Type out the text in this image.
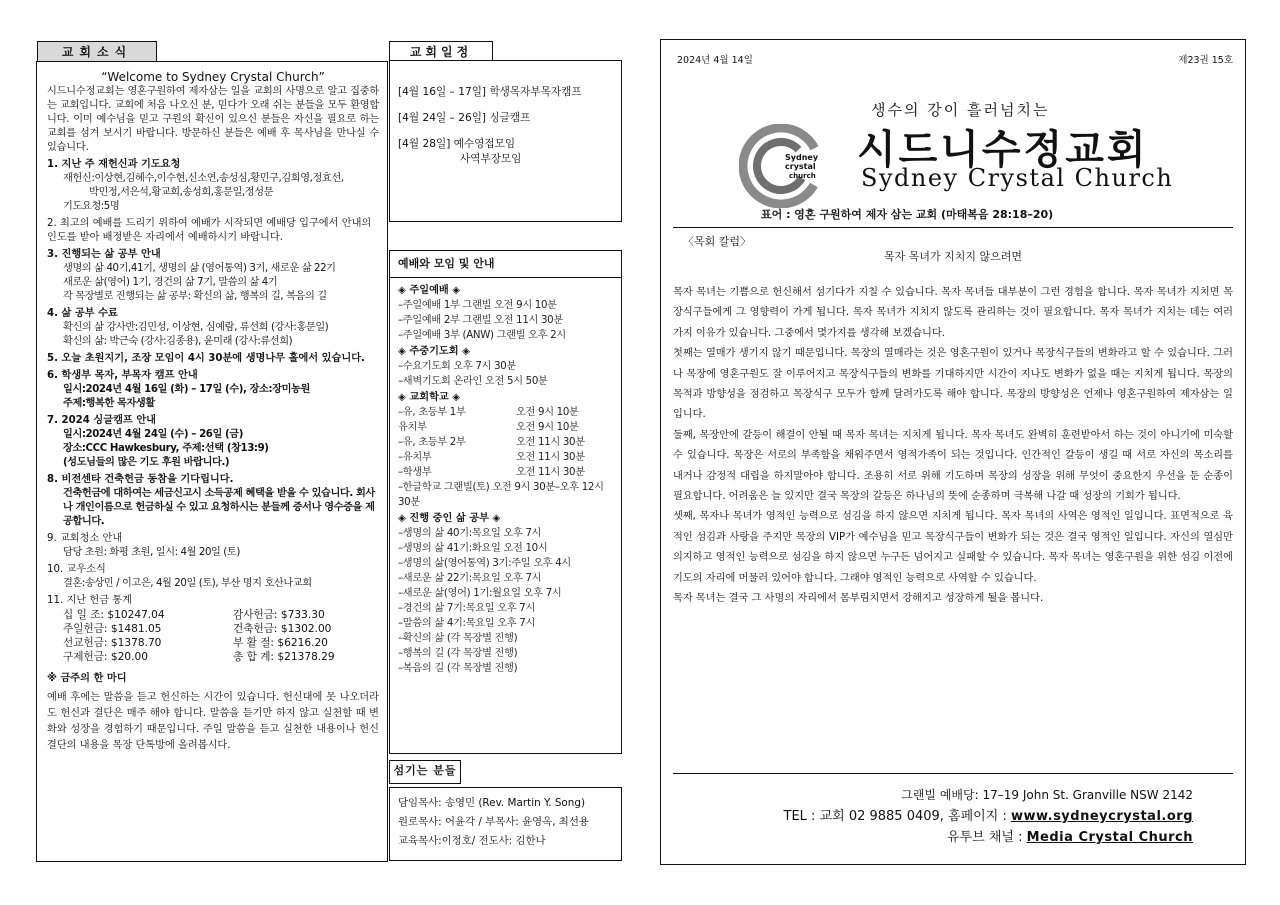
교회소식
“Welcome to Sydney Crystal Church”
시드니수정교회는 영혼구원하여 제자삼는 일을 교회의 사명으로 알고 집중하는 교회입니다. 교회에 처음 나오신 분, 믿다가 오래 쉬는 분들을 모두 환영합니다. 이미 예수님을 믿고 구원의 확신이 있으신 분들은 자신을 필요로 하는 교회를 섬겨 보시기 바랍니다. 방문하신 분들은 예배 후 목사님을 만나실 수 있습니다.
1. 지난 주 재헌신과 기도요청
재헌신:이상현,김혜수,이수현,신소연,송성심,황민구,김희영,정효선,
박민정,서은석,황교희,송성희,홍문일,정성문
기도요청:5명
2. 최고의 예배를 드리기 위하여 예배가 시작되면 예배당 입구에서 안내의 인도를 받아 배정받은 자리에서 예배하시기 바랍니다.
3. 진행되는 삶 공부 안내
생명의 삶 40기,41기, 생명의 삶 (영어통역) 3기, 새로운 삶 22기
새로운 삶(영어) 1기, 경건의 삶 7기, 말씀의 삶 4기
각 목장별로 진행되는 삶 공부: 확신의 삶, 행복의 길, 복음의 길
4. 삶 공부 수료
확신의 삶 강사반:김민성, 이상현, 심예람, 류선희 (강사:홍문일)
확신의 삶: 박근숙 (강사:김종용), 윤미래 (강사:류선희)
5. 오늘 초원지기, 조장 모임이 4시 30분에 생명나무 홀에서 있습니다.
6. 학생부 목자, 부목자 캠프 안내
일시:2024년 4월 16일 (화) – 17일 (수), 장소:장미농원
주제:행복한 목자생활
7. 2024 싱글캠프 안내
일시:2024년 4월 24일 (수) – 26일 (금)
장소:CCC Hawkesbury, 주제:선택 (창13:9)
(성도님들의 많은 기도 후원 바랍니다.)
8. 비전센타 건축헌금 동참을 기다립니다.
건축헌금에 대하여는 세금신고시 소득공제 혜택을 받을 수 있습니다. 회사나 개인이름으로 헌금하실 수 있고 요청하시는 분들께 증서나 영수증을 제공합니다.
9. 교회청소 안내
담당 초원: 화평 초원, 일시: 4월 20일 (토)
10. 교우소식
결혼:송상민 / 이고은, 4월 20일 (토), 부산 명지 호산나교회
11. 지난 헌금 통계
십 일 조: $10247.04	감사헌금: $733.30
주일헌금: $1481.05	건축헌금: $1302.00
선교헌금: $1378.70	부 활 절: $6216.20
구제헌금: $20.00	총 합 계: $21378.29
※ 금주의 한 마디
예배 후에는 말씀을 듣고 헌신하는 시간이 있습니다. 헌신대에 못 나오더라도 헌신과 결단은 매주 해야 합니다. 말씀을 듣기만 하지 않고 실천할 때 변화와 성장을 경험하기 때문입니다. 주일 말씀을 듣고 실천한 내용이나 헌신결단의 내용을 목장 단톡방에 올려봅시다.
교회일정
[4월 16일 – 17일] 학생목자부목자캠프
[4월 24일 – 26일] 싱글캠프
[4월 28일] 예수영접모임
사역부장모임
예배와 모임 및 안내
◈ 주일예배 ◈
–주일예배 1부 그랜빌 오전 9시 10분
–주일예배 2부 그랜빌 오전 11시 30분
–주일예배 3부 (ANW) 그랜빌 오후 2시
◈ 주중기도회 ◈
–수요기도회 오후 7시 30분
–새벽기도회 온라인 오전 5시 50분
◈ 교회학교 ◈
–유, 초등부 1부	오전 9시 10분
유치부	오전 9시 10분
–유, 초등부 2부	오전 11시 30분
–유치부	오전 11시 30분
–학생부	오전 11시 30분
–한글학교 그랜빌(토) 오전 9시 30분–오후 12시 30분
◈ 진행 중인 삶 공부 ◈
–생명의 삶 40기:목요일 오후 7시
–생명의 삶 41기:화요일 오전 10시
–생명의 삶(영어통역) 3기:주일 오후 4시
–새로운 삶 22기:목요일 오후 7시
–새로운 삶(영어) 1기:월요일 오후 7시
–경건의 삶 7기:목요일 오후 7시
–말씀의 삶 4기:목요일 오후 7시
–확신의 삶 (각 목장별 진행)
–행복의 길 (각 목장별 진행)
–복음의 길 (각 목장별 진행)
섬기는 분들
담임목사: 송영민 (Rev. Martin Y. Song)
원로목사: 어윤각 / 부목사: 윤영옥, 최선용
교육목사:이정호/ 전도사: 김한나
2024년 4월 14일	제23권 15호
생수의 강이 흘러넘치는
Sydney
crystal
church
시드니수정교회
Sydney Crystal Church
표어 : 영혼 구원하여 제자 삼는 교회 (마태복음 28:18–20)
〈목회 칼럼〉
목자 목녀가 지치지 않으려면

목자 목녀는 기쁨으로 헌신해서 섬기다가 지칠 수 있습니다. 목자 목녀들 대부분이 그런 경험을 합니다. 목자 목녀가 지치면 목장식구들에게 그 영향력이 가게 됩니다. 목자 목녀가 지치지 않도록 관리하는 것이 필요합니다. 목자 목녀가 지치는 데는 여러가지 이유가 있습니다. 그중에서 몇가지를 생각해 보겠습니다.

첫째는 열매가 생기지 않기 때문입니다. 목장의 열매라는 것은 영혼구원이 있거나 목장식구들의 변화라고 할 수 있습니다. 그러나 목장에 영혼구원도 잘 이루어지고 목장식구들의 변화를 기대하지만 시간이 지나도 변화가 없을 때는 지치게 됩니다. 목장의 목적과 방향성을 점검하고 목장식구 모두가 함께 달려가도록 해야 합니다. 목장의 방향성은 언제나 영혼구원하여 제자삼는 일입니다.

둘째, 목장안에 갈등이 해결이 안될 때 목자 목녀는 지치게 됩니다. 목자 목녀도 완벽히 훈련받아서 하는 것이 아니기에 미숙할 수 있습니다. 목장은 서로의 부족함을 채워주면서 영적가족이 되는 것입니다. 인간적인 갈등이 생길 때 서로 자신의 목소리를 내거나 감정적 대립을 하지말아야 합니다. 조용히 서로 위해 기도하며 목장의 성장을 위해 무엇이 중요한지 우선을 둔 순종이 필요합니다. 어려움은 늘 있지만 결국 목장의 갈등은 하나님의 뜻에 순종하며 극복해 나갈 때 성장의 기회가 됩니다.

셋째, 목자나 목녀가 영적인 능력으로 섬김을 하지 않으면 지치게 됩니다. 목자 목녀의 사역은 영적인 일입니다. 표면적으로 육적인 섬김과 사랑을 주지만 목장의 VIP가 예수님을 믿고 목장식구들이 변화가 되는 것은 결국 영적인 일입니다. 자신의 열심만 의지하고 영적인 능력으로 섬김을 하지 않으면 누구든 넘어지고 실패할 수 있습니다. 목자 목녀는 영혼구원을 위한 섬김 이전에 기도의 자리에 머물러 있어야 합니다. 그래야 영적인 능력으로 사역할 수 있습니다.

목자 목녀는 결국 그 사명의 자리에서 몸부림치면서 강해지고 성장하게 될을 봅니다.

그랜빌 예배당: 17–19 John St. Granville NSW 2142
TEL : 교회 02 9885 0409, 홈페이지 : www.sydneycrystal.org
유투브 채널 : Media Crystal Church
